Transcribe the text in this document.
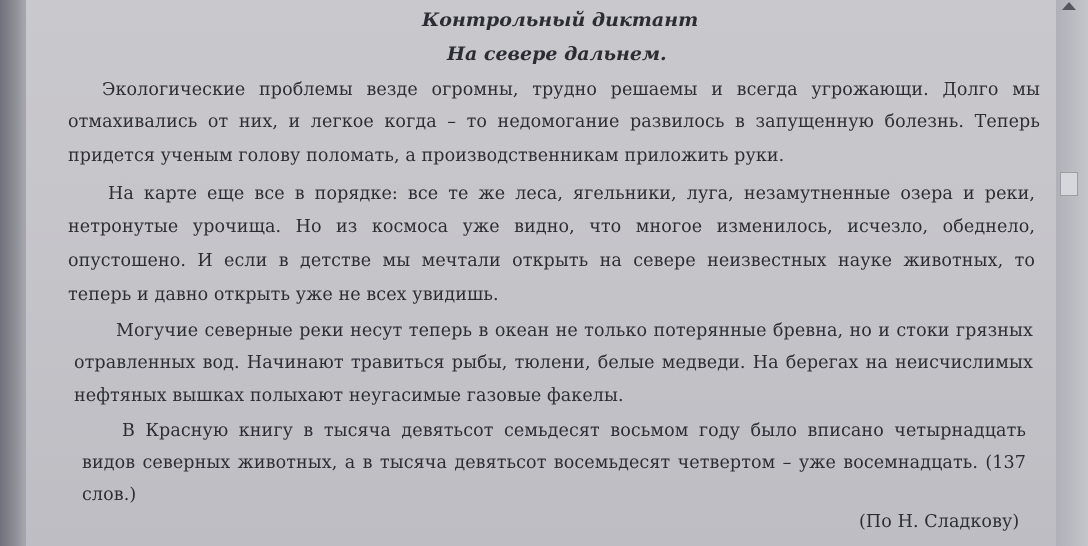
Контрольный диктант
На севере дальнем.
Экологические проблемы везде огромны, трудно решаемы и всегда угрожающи. Долго мы
отмахивались от них, и легкое когда – то недомогание развилось в запущенную болезнь. Теперь
придется ученым голову поломать, а производственникам приложить руки.
На карте еще все в порядке: все те же леса, ягельники, луга, незамутненные озера и реки,
нетронутые урочища. Но из космоса уже видно, что многое изменилось, исчезло, обеднело,
опустошено. И если в детстве мы мечтали открыть на севере неизвестных науке животных, то
теперь и давно открыть уже не всех увидишь.
Могучие северные реки несут теперь в океан не только потерянные бревна, но и стоки грязных
отравленных вод. Начинают травиться рыбы, тюлени, белые медведи. На берегах на неисчислимых
нефтяных вышках полыхают неугасимые газовые факелы.
В Красную книгу в тысяча девятьсот семьдесят восьмом году было вписано четырнадцать
видов северных животных, а в тысяча девятьсот восемьдесят четвертом – уже восемнадцать. (137
слов.)
(По Н. Сладкову)
